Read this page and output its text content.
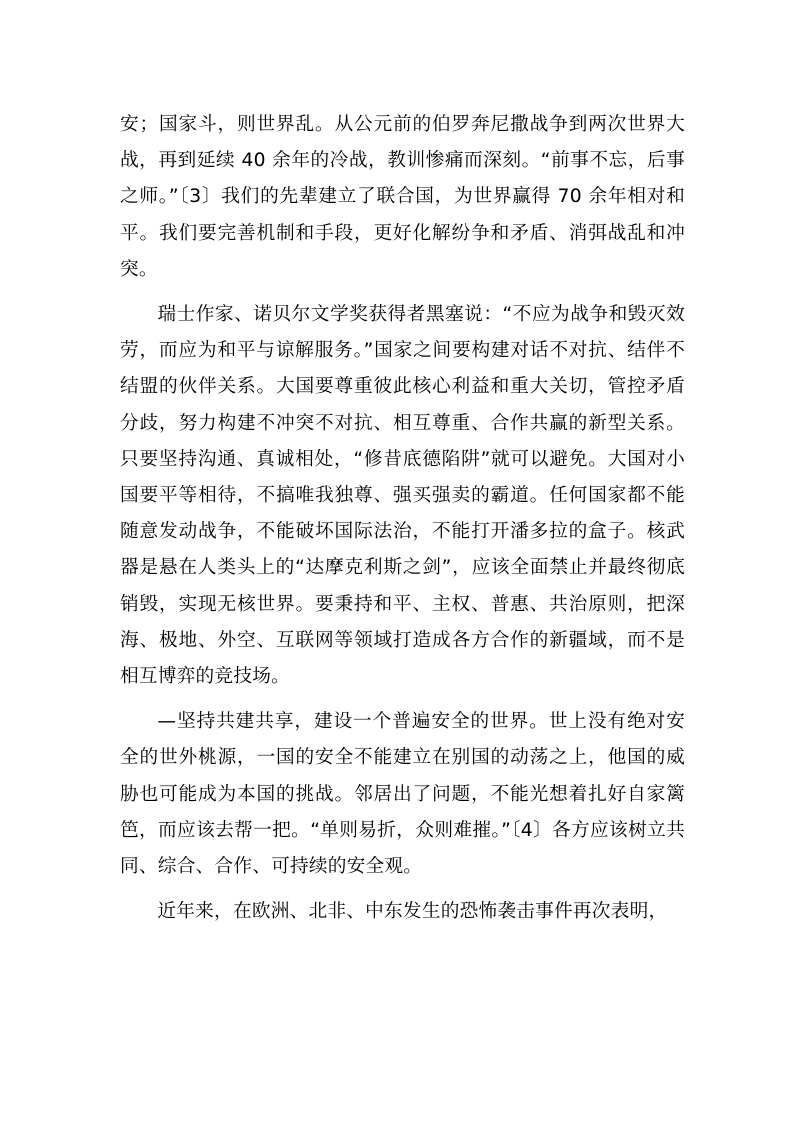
安；国家斗，则世界乱。从公元前的伯罗奔尼撒战争到两次世界大战，再到延续 40 余年的冷战，教训惨痛而深刻。“前事不忘，后事之师。”〔3〕我们的先辈建立了联合国，为世界赢得 70 余年相对和平。我们要完善机制和手段，更好化解纷争和矛盾、消弭战乱和冲突。

瑞士作家、诺贝尔文学奖获得者黑塞说：“不应为战争和毁灭效劳，而应为和平与谅解服务。”国家之间要构建对话不对抗、结伴不结盟的伙伴关系。大国要尊重彼此核心利益和重大关切，管控矛盾分歧，努力构建不冲突不对抗、相互尊重、合作共赢的新型关系。只要坚持沟通、真诚相处，“修昔底德陷阱”就可以避免。大国对小国要平等相待，不搞唯我独尊、强买强卖的霸道。任何国家都不能随意发动战争，不能破坏国际法治，不能打开潘多拉的盒子。核武器是悬在人类头上的“达摩克利斯之剑”，应该全面禁止并最终彻底销毁，实现无核世界。要秉持和平、主权、普惠、共治原则，把深海、极地、外空、互联网等领域打造成各方合作的新疆域，而不是相互博弈的竞技场。

—坚持共建共享，建设一个普遍安全的世界。世上没有绝对安全的世外桃源，一国的安全不能建立在别国的动荡之上，他国的威胁也可能成为本国的挑战。邻居出了问题，不能光想着扎好自家篱笆，而应该去帮一把。“单则易折，众则难摧。”〔4〕各方应该树立共同、综合、合作、可持续的安全观。

近年来，在欧洲、北非、中东发生的恐怖袭击事件再次表明，
